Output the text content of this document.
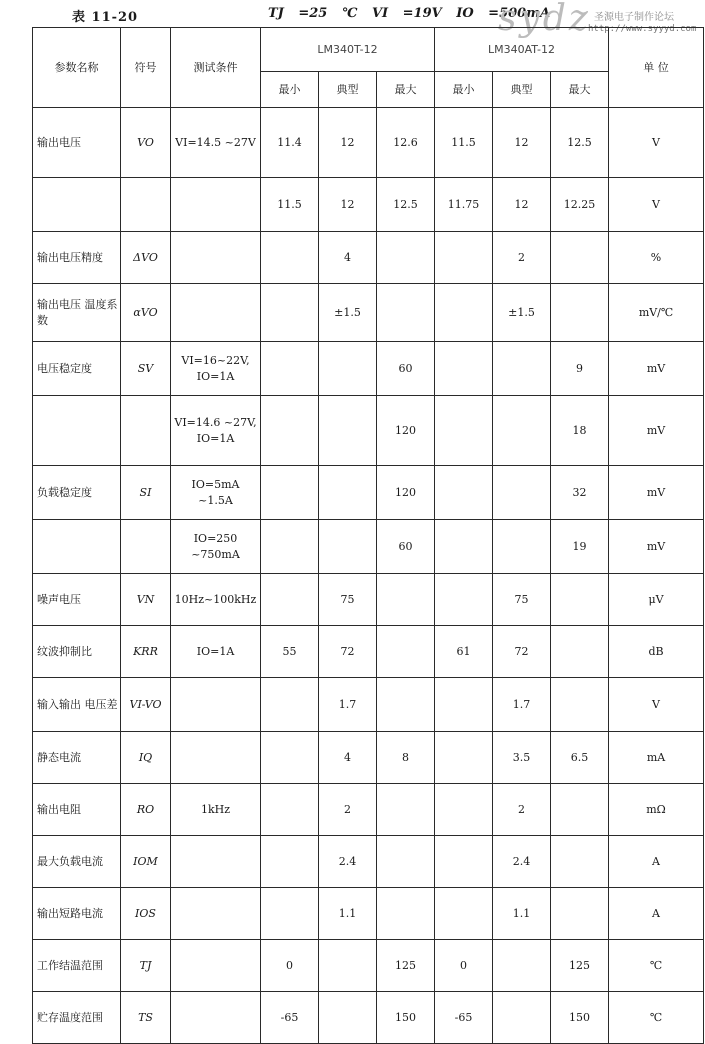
表 11-20	TJ =25 ℃ VI =19V IO =500mA
sydz 圣源电子制作论坛
http://www.syyyd.com
参数名称	符号	测试条件	LM340T-12			LM340AT-12			单 位
			最小	典型	最大	最小	典型	最大	
输出电压	VO	VI=14.5 ~27V	11.4	12	12.6	11.5	12	12.5	V
			11.5	12	12.5	11.75	12	12.25	V
输出电压精度	ΔVO			4			2		%
输出电压 温度系数	αVO			±1.5			±1.5		mV/℃
电压稳定度	SV	VI=16~22V, IO=1A			60			9	mV
		VI=14.6 ~27V, IO=1A			120			18	mV
负载稳定度	SI	IO=5mA ~1.5A			120			32	mV
		IO=250 ~750mA			60			19	mV
噪声电压	VN	10Hz~100kHz		75			75		μV
纹波抑制比	KRR	IO=1A	55	72		61	72		dB
输入输出 电压差	VI-VO			1.7			1.7		V
静态电流	IQ			4	8		3.5	6.5	mA
输出电阻	RO	1kHz		2			2		mΩ
最大负载电流	IOM			2.4			2.4		A
输出短路电流	IOS			1.1			1.1		A
工作结温范围	TJ		0		125	0		125	℃
贮存温度范围	TS		-65		150	-65		150	℃
